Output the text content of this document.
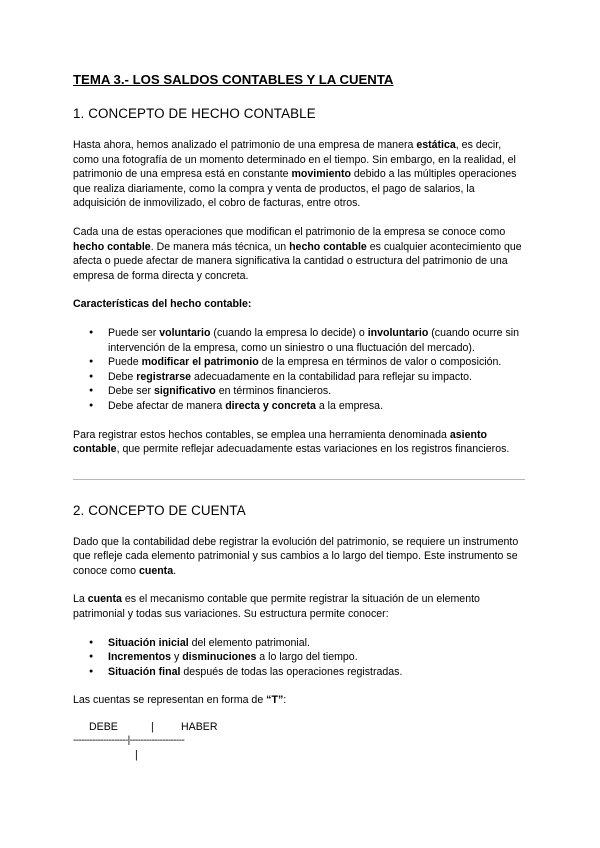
TEMA 3.- LOS SALDOS CONTABLES Y LA CUENTA
1. CONCEPTO DE HECHO CONTABLE

Hasta ahora, hemos analizado el patrimonio de una empresa de manera estática, es decir, como una fotografía de un momento determinado en el tiempo. Sin embargo, en la realidad, el patrimonio de una empresa está en constante movimiento debido a las múltiples operaciones que realiza diariamente, como la compra y venta de productos, el pago de salarios, la adquisición de inmovilizado, el cobro de facturas, entre otros.

Cada una de estas operaciones que modifican el patrimonio de la empresa se conoce como hecho contable. De manera más técnica, un hecho contable es cualquier acontecimiento que afecta o puede afectar de manera significativa la cantidad o estructura del patrimonio de una empresa de forma directa y concreta.

Características del hecho contable:
● Puede ser voluntario (cuando la empresa lo decide) o involuntario (cuando ocurre sin intervención de la empresa, como un siniestro o una fluctuación del mercado).
● Puede modificar el patrimonio de la empresa en términos de valor o composición.
● Debe registrarse adecuadamente en la contabilidad para reflejar su impacto.
● Debe ser significativo en términos financieros.
● Debe afectar de manera directa y concreta a la empresa.

Para registrar estos hechos contables, se emplea una herramienta denominada asiento contable, que permite reflejar adecuadamente estas variaciones en los registros financieros.

2. CONCEPTO DE CUENTA

Dado que la contabilidad debe registrar la evolución del patrimonio, se requiere un instrumento que refleje cada elemento patrimonial y sus cambios a lo largo del tiempo. Este instrumento se conoce como cuenta.

La cuenta es el mecanismo contable que permite registrar la situación de un elemento patrimonial y todas sus variaciones. Su estructura permite conocer:

● Situación inicial del elemento patrimonial.
● Incrementos y disminuciones a lo largo del tiempo.
● Situación final después de todas las operaciones registradas.

Las cuentas se representan en forma de “T”:

DEBE	|	HABER
--------------------|--------------------
|
